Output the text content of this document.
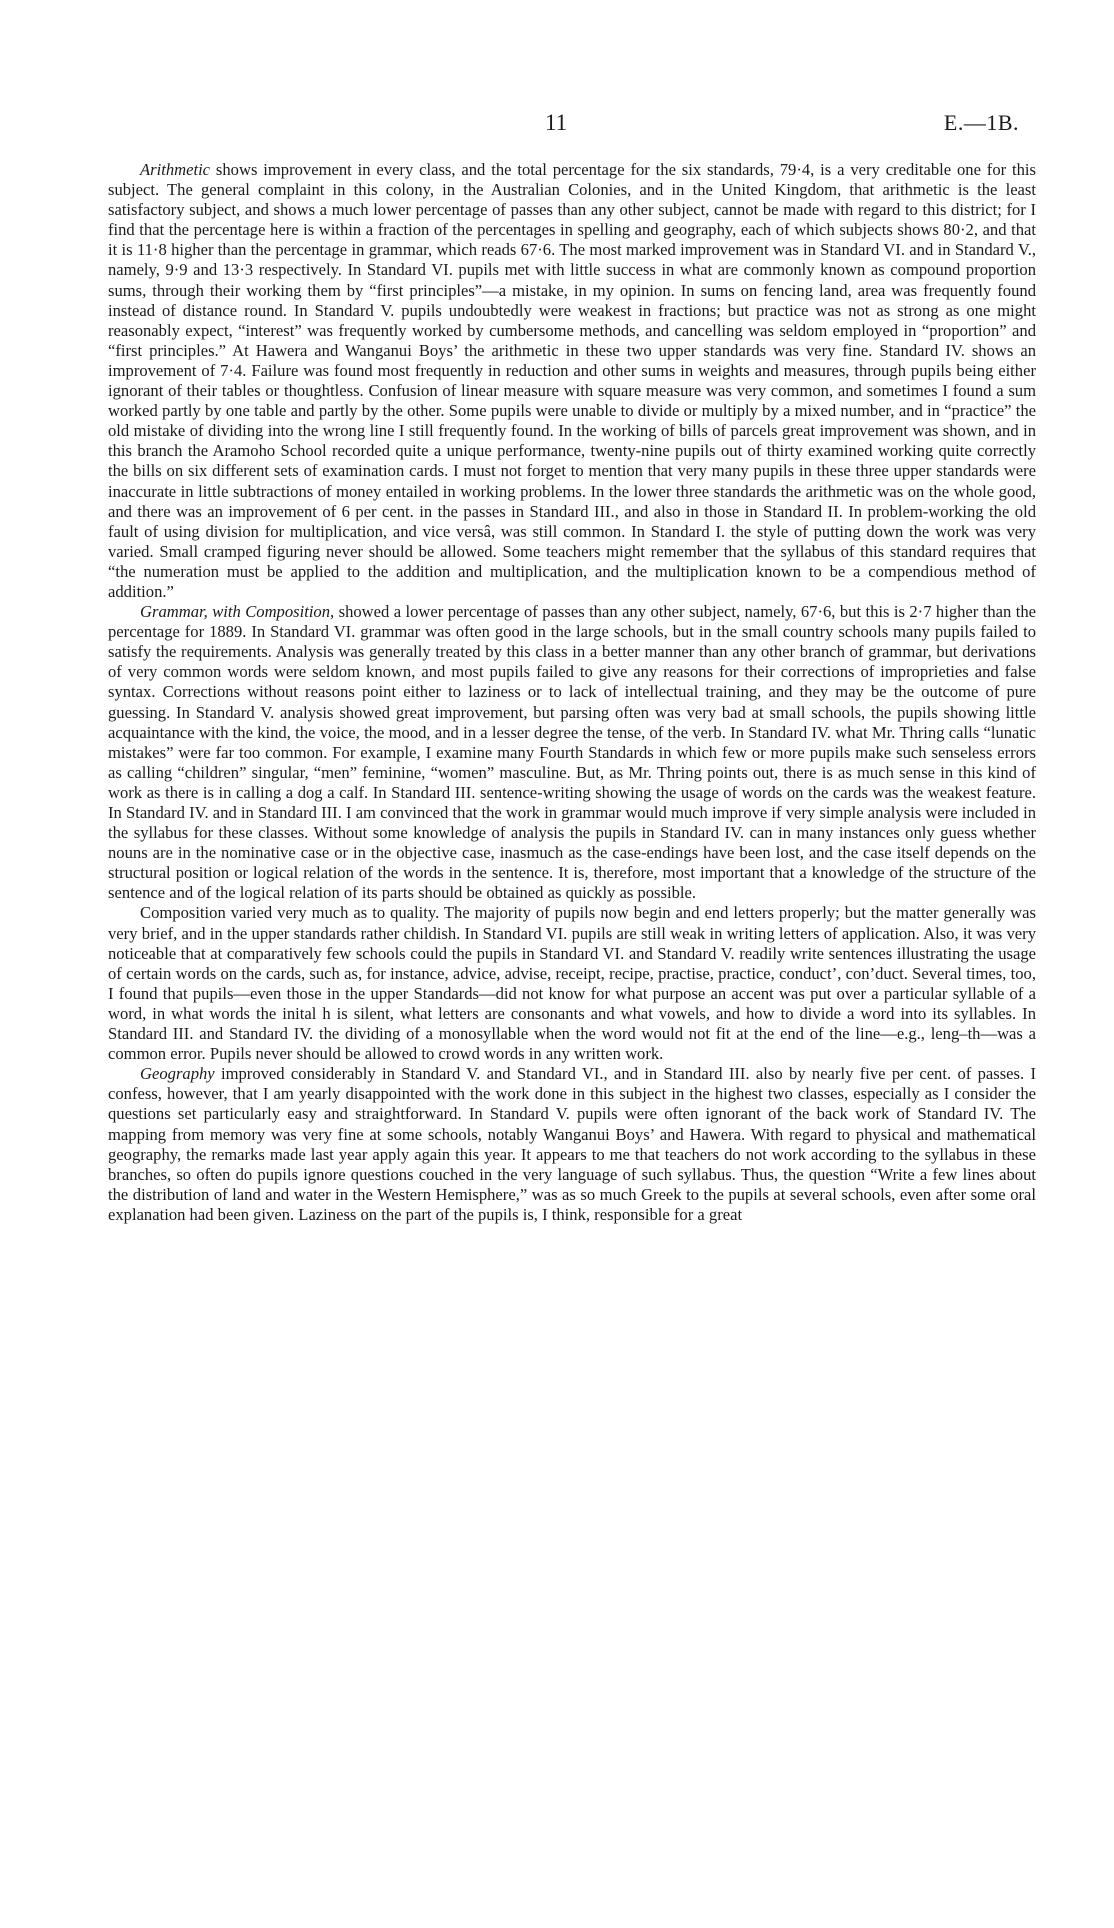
11	E.—1B.

Arithmetic shows improvement in every class, and the total percentage for the six standards, 79·4, is a very creditable one for this subject. The general complaint in this colony, in the Australian Colonies, and in the United Kingdom, that arithmetic is the least satisfactory subject, and shows a much lower percentage of passes than any other subject, cannot be made with regard to this district; for I find that the percentage here is within a fraction of the percentages in spelling and geography, each of which subjects shows 80·2, and that it is 11·8 higher than the percentage in grammar, which reads 67·6. The most marked improvement was in Standard VI. and in Standard V., namely, 9·9 and 13·3 respectively. In Standard VI. pupils met with little success in what are commonly known as compound proportion sums, through their working them by “first principles”—a mistake, in my opinion. In sums on fencing land, area was frequently found instead of distance round. In Standard V. pupils undoubtedly were weakest in fractions; but practice was not as strong as one might reasonably expect, “interest” was frequently worked by cumbersome methods, and cancelling was seldom employed in “proportion” and “first principles.” At Hawera and Wanganui Boys’ the arithmetic in these two upper standards was very fine. Standard IV. shows an improvement of 7·4. Failure was found most frequently in reduction and other sums in weights and measures, through pupils being either ignorant of their tables or thoughtless. Confusion of linear measure with square measure was very common, and sometimes I found a sum worked partly by one table and partly by the other. Some pupils were unable to divide or multiply by a mixed number, and in “practice” the old mistake of dividing into the wrong line I still frequently found. In the working of bills of parcels great improvement was shown, and in this branch the Aramoho School recorded quite a unique performance, twenty-nine pupils out of thirty examined working quite correctly the bills on six different sets of examination cards. I must not forget to mention that very many pupils in these three upper standards were inaccurate in little subtractions of money entailed in working problems. In the lower three standards the arithmetic was on the whole good, and there was an improvement of 6 per cent. in the passes in Standard III., and also in those in Standard II. In problem-working the old fault of using division for multiplication, and vice versâ, was still common. In Standard I. the style of putting down the work was very varied. Small cramped figuring never should be allowed. Some teachers might remember that the syllabus of this standard requires that “the numeration must be applied to the addition and multiplication, and the multiplication known to be a compendious method of addition.”

Grammar, with Composition, showed a lower percentage of passes than any other subject, namely, 67·6, but this is 2·7 higher than the percentage for 1889. In Standard VI. grammar was often good in the large schools, but in the small country schools many pupils failed to satisfy the requirements. Analysis was generally treated by this class in a better manner than any other branch of grammar, but derivations of very common words were seldom known, and most pupils failed to give any reasons for their corrections of improprieties and false syntax. Corrections without reasons point either to laziness or to lack of intellectual training, and they may be the outcome of pure guessing. In Standard V. analysis showed great improvement, but parsing often was very bad at small schools, the pupils showing little acquaintance with the kind, the voice, the mood, and in a lesser degree the tense, of the verb. In Standard IV. what Mr. Thring calls “lunatic mistakes” were far too common. For example, I examine many Fourth Standards in which few or more pupils make such senseless errors as calling “children” singular, “men” feminine, “women” masculine. But, as Mr. Thring points out, there is as much sense in this kind of work as there is in calling a dog a calf. In Standard III. sentence-writing showing the usage of words on the cards was the weakest feature. In Standard IV. and in Standard III. I am convinced that the work in grammar would much improve if very simple analysis were included in the syllabus for these classes. Without some knowledge of analysis the pupils in Standard IV. can in many instances only guess whether nouns are in the nominative case or in the objective case, inasmuch as the case-endings have been lost, and the case itself depends on the structural position or logical relation of the words in the sentence. It is, therefore, most important that a knowledge of the structure of the sentence and of the logical relation of its parts should be obtained as quickly as possible.

Composition varied very much as to quality. The majority of pupils now begin and end letters properly; but the matter generally was very brief, and in the upper standards rather childish. In Standard VI. pupils are still weak in writing letters of application. Also, it was very noticeable that at comparatively few schools could the pupils in Standard VI. and Standard V. readily write sentences illustrating the usage of certain words on the cards, such as, for instance, advice, advise, receipt, recipe, practise, practice, conduct’, con’duct. Several times, too, I found that pupils—even those in the upper Standards—did not know for what purpose an accent was put over a particular syllable of a word, in what words the inital h is silent, what letters are consonants and what vowels, and how to divide a word into its syllables. In Standard III. and Standard IV. the dividing of a monosyllable when the word would not fit at the end of the line—e.g., leng–th—was a common error. Pupils never should be allowed to crowd words in any written work.

Geography improved considerably in Standard V. and Standard VI., and in Standard III. also by nearly five per cent. of passes. I confess, however, that I am yearly disappointed with the work done in this subject in the highest two classes, especially as I consider the questions set particularly easy and straightforward. In Standard V. pupils were often ignorant of the back work of Standard IV. The mapping from memory was very fine at some schools, notably Wanganui Boys’ and Hawera. With regard to physical and mathematical geography, the remarks made last year apply again this year. It appears to me that teachers do not work according to the syllabus in these branches, so often do pupils ignore questions couched in the very language of such syllabus. Thus, the question “Write a few lines about the distribution of land and water in the Western Hemisphere,” was as so much Greek to the pupils at several schools, even after some oral explanation had been given. Laziness on the part of the pupils is, I think, responsible for a great
